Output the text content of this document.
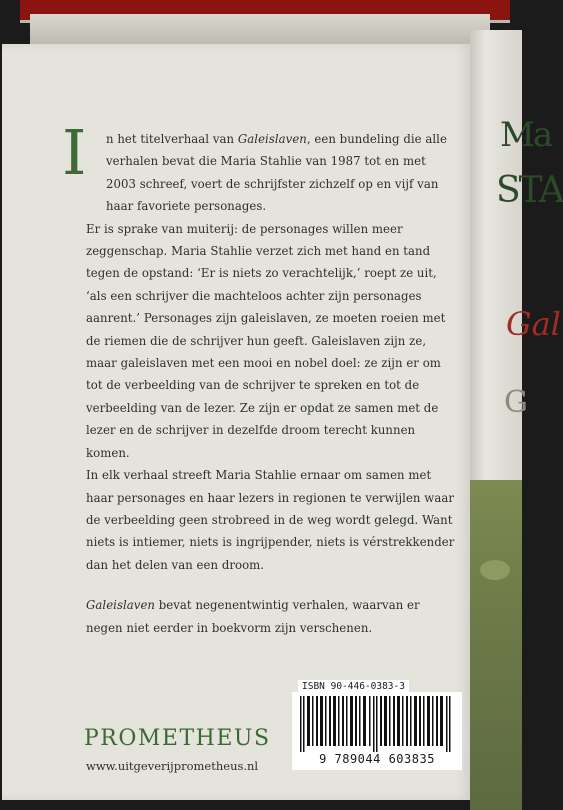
Ma
STA
Gal
G
I	n het titelverhaal van Galeislaven, een bundeling die alle verhalen bevat die Maria Stahlie van 1987 tot en met 2003 schreef, voert de schrijfster zichzelf op en vijf van haar favoriete personages.

Er is sprake van muiterij: de personages willen meer zeggenschap. Maria Stahlie verzet zich met hand en tand tegen de opstand: ‘Er is niets zo verachtelijk,’ roept ze uit, ‘als een schrijver die machteloos achter zijn personages aanrent.’ Personages zijn galeislaven, ze moeten roeien met de riemen die de schrijver hun geeft. Galeislaven zijn ze, maar galeislaven met een mooi en nobel doel: ze zijn er om tot de verbeelding van de schrijver te spreken en tot de verbeelding van de lezer. Ze zijn er opdat ze samen met de lezer en de schrijver in dezelfde droom terecht kunnen komen.

In elk verhaal streeft Maria Stahlie ernaar om samen met haar personages en haar lezers in regionen te verwijlen waar de verbeelding geen strobreed in de weg wordt gelegd. Want niets is intiemer, niets is ingrijpender, niets is vérstrekkender dan het delen van een droom.

Galeislaven bevat negenentwintig verhalen, waarvan er negen niet eerder in boekvorm zijn verschenen.

ISBN 90-446-0383-3
9 789044 603835
PROMETHEUS
www.uitgeverijprometheus.nl
